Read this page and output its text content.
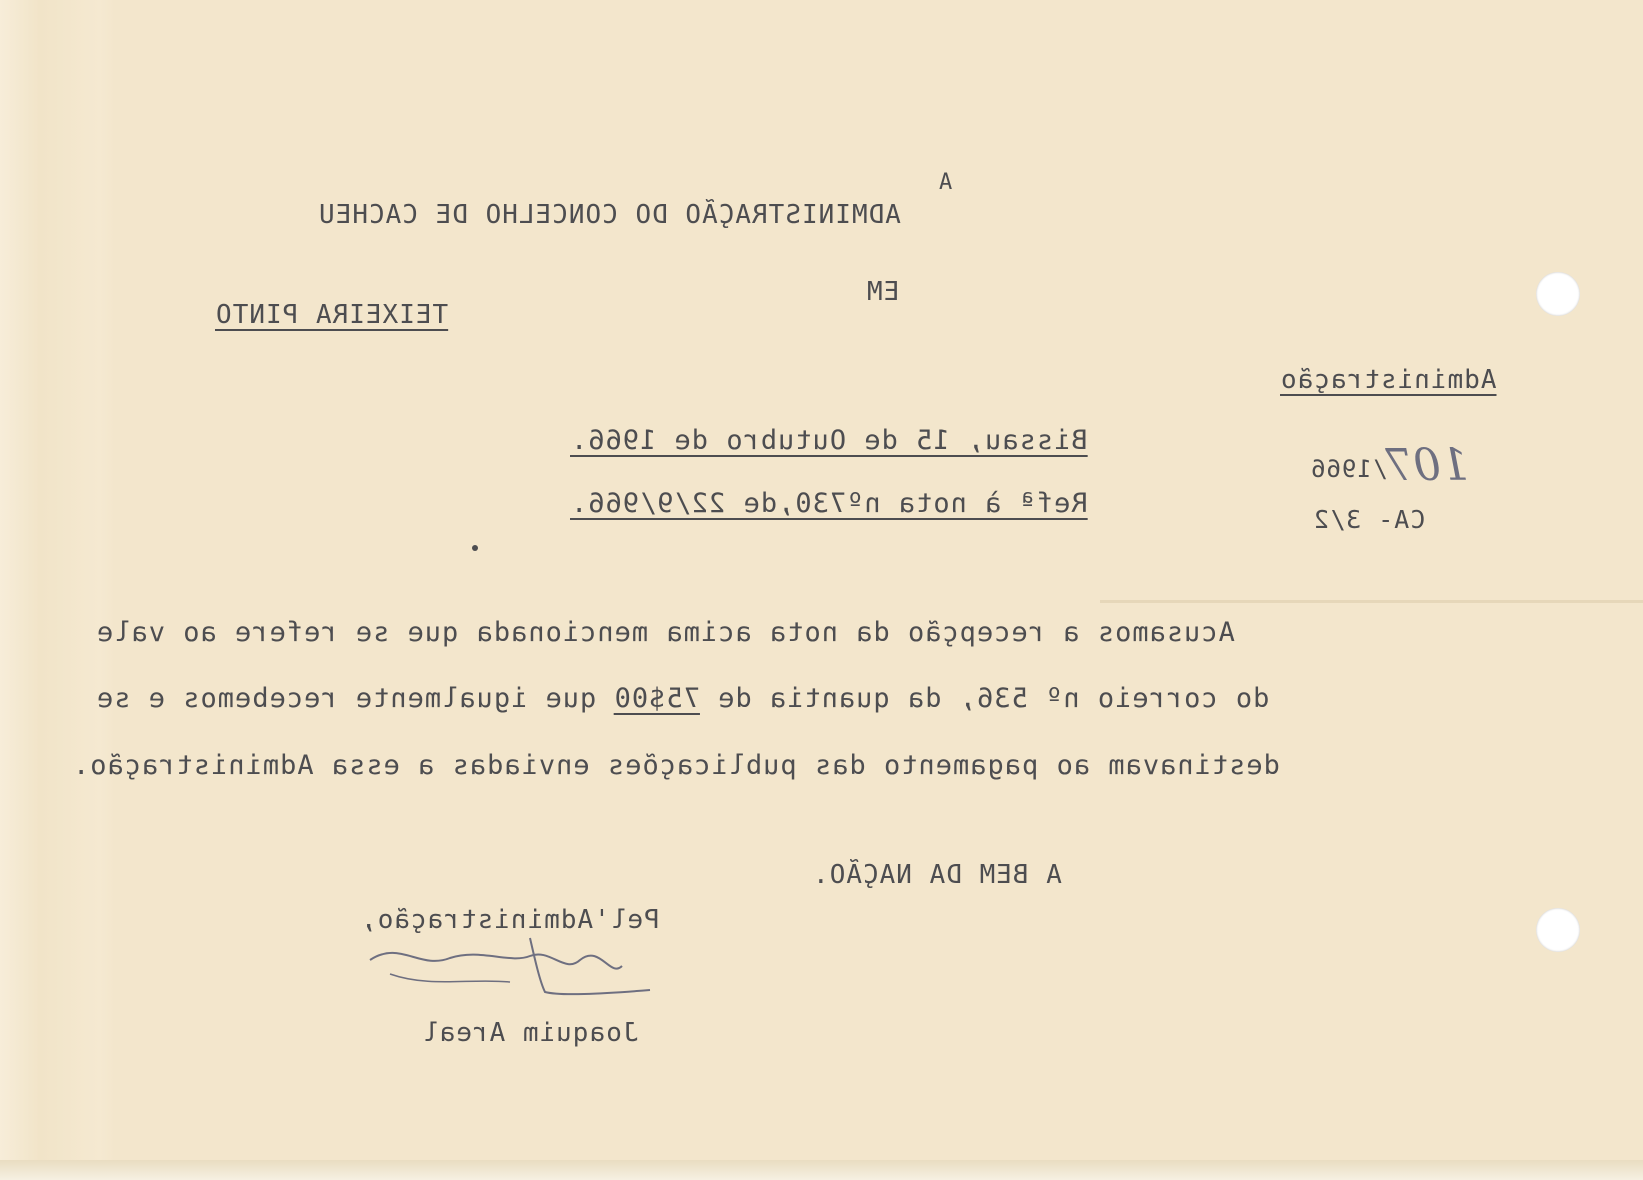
A
ADMINISTRAÇÃO DO CONCELHO DE CACHEU
EM
TEIXEIRA PINTO
Administração
Bissau, 15 de Outubro de 1966.
Refª à nota nº730,de 22/9/966.
107
/1966
CA- 3/2
Acusamos a recepção da nota acima mencionada que se refere ao vale
do correio nº 536, da quantia de 75$00 que igualmente recebemos e se
destinavam ao pagamento das publicações enviadas a essa Administração.
A BEM DA NAÇÃO.
Pel'Administração,
Joaquim Areal
